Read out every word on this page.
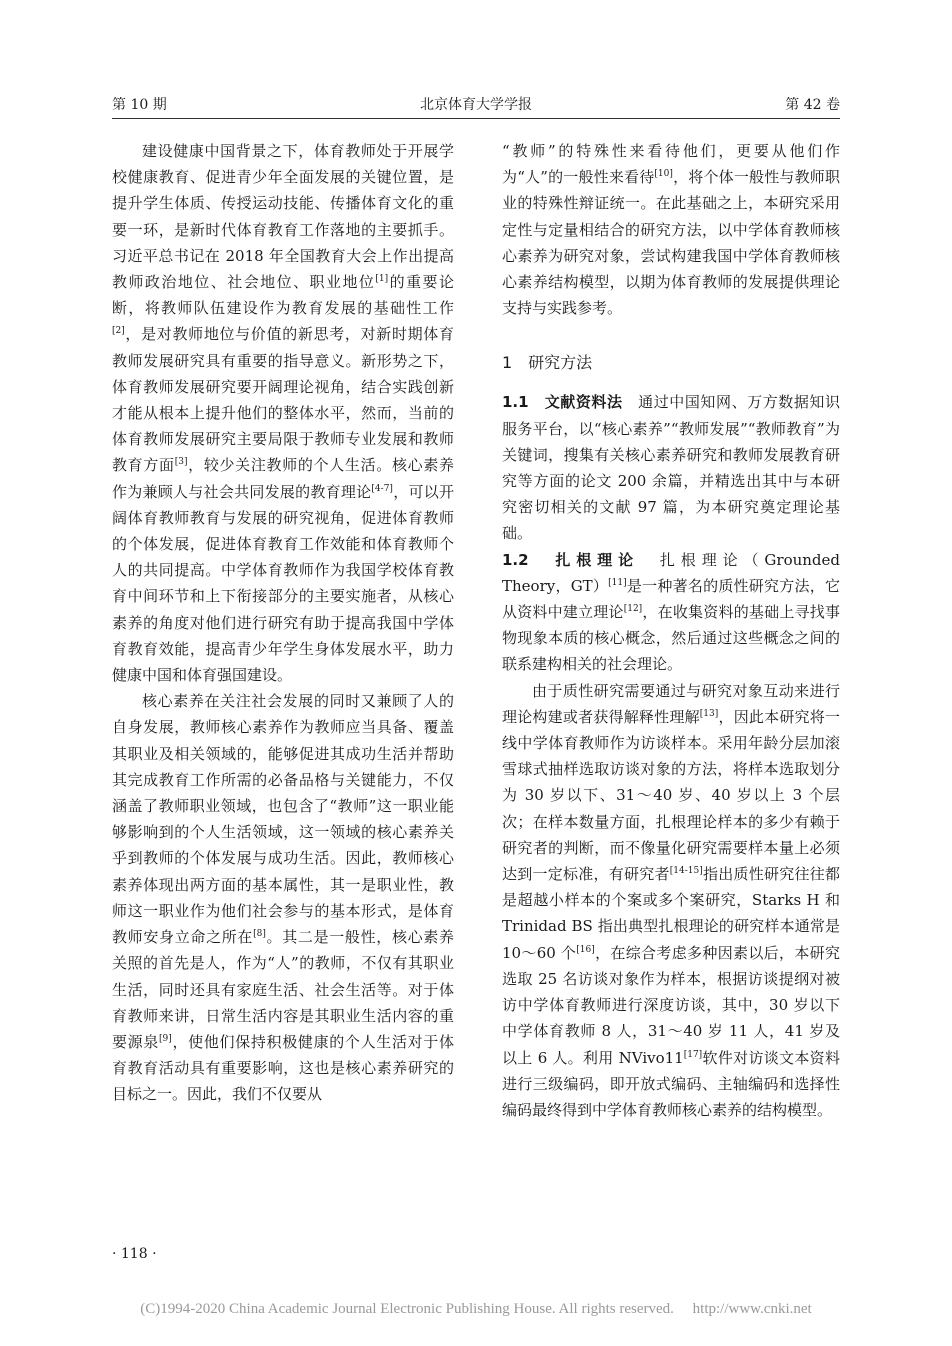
第 10 期	北京体育大学学报	第 42 卷

建设健康中国背景之下，体育教师处于开展学校健康教育、促进青少年全面发展的关键位置，是提升学生体质、传授运动技能、传播体育文化的重要一环，是新时代体育教育工作落地的主要抓手。习近平总书记在 2018 年全国教育大会上作出提高教师政治地位、社会地位、职业地位[1]的重要论断，将教师队伍建设作为教育发展的基础性工作[2]，是对教师地位与价值的新思考，对新时期体育教师发展研究具有重要的指导意义。新形势之下，体育教师发展研究要开阔理论视角，结合实践创新才能从根本上提升他们的整体水平，然而，当前的体育教师发展研究主要局限于教师专业发展和教师教育方面[3]，较少关注教师的个人生活。核心素养作为兼顾人与社会共同发展的教育理论[4-7]，可以开阔体育教师教育与发展的研究视角，促进体育教师的个体发展，促进体育教育工作效能和体育教师个人的共同提高。中学体育教师作为我国学校体育教育中间环节和上下衔接部分的主要实施者，从核心素养的角度对他们进行研究有助于提高我国中学体育教育效能，提高青少年学生身体发展水平，助力健康中国和体育强国建设。

核心素养在关注社会发展的同时又兼顾了人的自身发展，教师核心素养作为教师应当具备、覆盖其职业及相关领域的，能够促进其成功生活并帮助其完成教育工作所需的必备品格与关键能力，不仅涵盖了教师职业领域，也包含了“教师”这一职业能够影响到的个人生活领域，这一领域的核心素养关乎到教师的个体发展与成功生活。因此，教师核心素养体现出两方面的基本属性，其一是职业性，教师这一职业作为他们社会参与的基本形式，是体育教师安身立命之所在[8]。其二是一般性，核心素养关照的首先是人，作为“人”的教师，不仅有其职业生活，同时还具有家庭生活、社会生活等。对于体育教师来讲，日常生活内容是其职业生活内容的重要源泉[9]，使他们保持积极健康的个人生活对于体育教育活动具有重要影响，这也是核心素养研究的目标之一。因此，我们不仅要从

“教师”的特殊性来看待他们，更要从他们作为“人”的一般性来看待[10]，将个体一般性与教师职业的特殊性辩证统一。在此基础之上，本研究采用定性与定量相结合的研究方法，以中学体育教师核心素养为研究对象，尝试构建我国中学体育教师核心素养结构模型，以期为体育教师的发展提供理论支持与实践参考。

1　研究方法

1.1　文献资料法　通过中国知网、万方数据知识服务平台，以“核心素养”“教师发展”“教师教育”为关键词，搜集有关核心素养研究和教师发展教育研究等方面的论文 200 余篇，并精选出其中与本研究密切相关的文献 97 篇，为本研究奠定理论基础。

1.2　扎根理论　扎根理论（Grounded Theory，GT）[11]是一种著名的质性研究方法，它从资料中建立理论[12]，在收集资料的基础上寻找事物现象本质的核心概念，然后通过这些概念之间的联系建构相关的社会理论。

由于质性研究需要通过与研究对象互动来进行理论构建或者获得解释性理解[13]，因此本研究将一线中学体育教师作为访谈样本。采用年龄分层加滚雪球式抽样选取访谈对象的方法，将样本选取划分为 30 岁以下、31～40 岁、40 岁以上 3 个层次；在样本数量方面，扎根理论样本的多少有赖于研究者的判断，而不像量化研究需要样本量上必须达到一定标准，有研究者[14-15]指出质性研究往往都是超越小样本的个案或多个案研究，Starks H 和 Trinidad BS 指出典型扎根理论的研究样本通常是 10～60 个[16]，在综合考虑多种因素以后，本研究选取 25 名访谈对象作为样本，根据访谈提纲对被访中学体育教师进行深度访谈，其中，30 岁以下中学体育教师 8 人，31～40 岁 11 人，41 岁及以上 6 人。利用 NVivo11[17]软件对访谈文本资料进行三级编码，即开放式编码、主轴编码和选择性编码最终得到中学体育教师核心素养的结构模型。

· 118 ·
(C)1994-2020 China Academic Journal Electronic Publishing House. All rights reserved.　 http://www.cnki.net
